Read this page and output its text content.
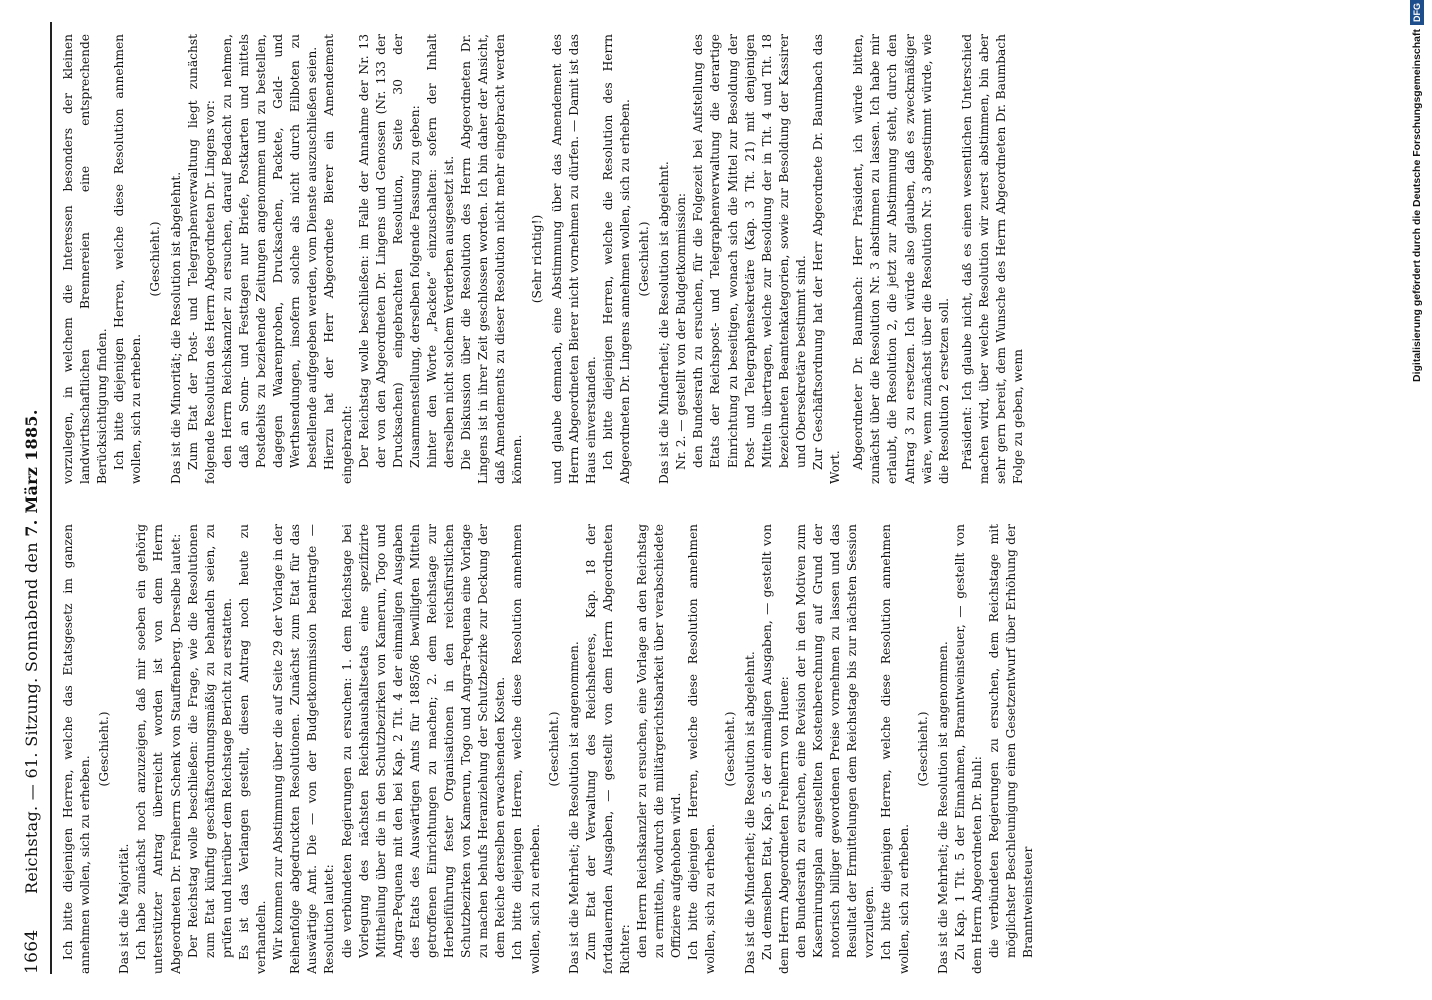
1664
Reichstag. — 61. Sitzung. Sonnabend den 7. März 1885.

Ich bitte diejenigen Herren, welche das Etatsgesetz im ganzen annehmen wollen, sich zu erheben.

(Geschieht.)

Das ist die Majorität. Ich habe zunächst noch anzuzeigen, daß mir soeben ein gehörig unterstützter Antrag überreicht worden ist von dem Herrn Abgeordneten Dr. Freiherrn Schenk von Stauffenberg. Derselbe lautet: Der Reichstag wolle beschließen: die Frage, wie die Resolutionen zum Etat künftig geschäftsordnungsmäßig zu behandeln seien, zu prüfen und hierüber dem Reichstage Bericht zu erstatten. Es ist das Verlangen gestellt, diesen Antrag noch heute zu verhandeln. Wir kommen zur Abstimmung über die auf Seite 29 der Vorlage in der Reihenfolge abgedruckten Resolutionen. Zunächst zum Etat für das Auswärtige Amt. Die — von der Budgetkommission beantragte — Resolution lautet: die verbündeten Regierungen zu ersuchen: 1. dem Reichstage bei Vorlegung des nächsten Reichshaushaltsetats eine spezifizirte Mittheilung über die in den Schutzbezirken von Kamerun, Togo und Angra-Pequena mit den bei Kap. 2 Tit. 4 der einmaligen Ausgaben des Etats des Auswärtigen Amts für 1885/86 bewilligten Mitteln getroffenen Einrichtungen zu machen; 2. dem Reichstage zur Herbeiführung fester Organisationen in den reichsfürstlichen Schutzbezirken von Kamerun, Togo und Angra-Pequena eine Vorlage zu machen behufs Heranziehung der Schutzbezirke zur Deckung der dem Reiche derselben erwachsenden Kosten. Ich bitte diejenigen Herren, welche diese Resolution annehmen wollen, sich zu erheben.

(Geschieht.) Das ist die Mehrheit; die Resolution ist angenommen. Zum Etat der Verwaltung des Reichsheeres, Kap. 18 der fortdauernden Ausgaben, — gestellt von dem Herrn Abgeordneten Richter: den Herrn Reichskanzler zu ersuchen, eine Vorlage an den Reichstag zu ermitteln, wodurch die militärgerichtsbarkeit über verabschiedete Offiziere aufgehoben wird. Ich bitte diejenigen Herren, welche diese Resolution annehmen wollen, sich zu erheben.

(Geschieht.) Das ist die Minderheit; die Resolution ist abgelehnt. Zu demselben Etat, Kap. 5 der einmaligen Ausgaben, — gestellt von dem Herrn Abgeordneten Freiherrn von Huene: den Bundesrath zu ersuchen, eine Revision der in den Motiven zum Kasernirungsplan angestellten Kostenberechnung auf Grund der notorisch billiger gewordenen Preise vornehmen zu lassen und das Resultat der Ermittelungen dem Reichstage bis zur nächsten Session vorzulegen. Ich bitte diejenigen Herren, welche diese Resolution annehmen wollen, sich zu erheben.

(Geschieht.) Das ist die Mehrheit; die Resolution ist angenommen. Zu Kap. 1 Tit. 5 der Einnahmen, Branntweinsteuer, — gestellt von dem Herrn Abgeordneten Dr. Buhl: die verbündeten Regierungen zu ersuchen, dem Reichstage mit möglichster Beschleunigung einen Gesetzentwurf über Erhöhung der Branntweinsteuer

vorzulegen, in welchem die Interessen besonders der kleinen landwirthschaftlichen Brennereien eine entsprechende Berücksichtigung finden. Ich bitte diejenigen Herren, welche diese Resolution annehmen wollen, sich zu erheben.

(Geschieht.) Das ist die Minorität; die Resolution ist abgelehnt. Zum Etat der Post- und Telegraphenverwaltung liegt zunächst folgende Resolution des Herrn Abgeordneten Dr. Lingens vor: den Herrn Reichskanzler zu ersuchen, darauf Bedacht zu nehmen, daß an Sonn- und Festtagen nur Briefe, Postkarten und mittels Postdebits zu beziehende Zeitungen angenommen und zu bestellen, dagegen Waarenproben, Drucksachen, Packete, Geld- und Werthsendungen, insofern solche als nicht durch Eilboten zu bestellende aufgegeben werden, vom Dienste auszuschließen seien. Hierzu hat der Herr Abgeordnete Bierer ein Amendement eingebracht: Der Reichstag wolle beschließen: im Falle der Annahme der Nr. 13 der von den Abgeordneten Dr. Lingens und Genossen (Nr. 133 der Drucksachen) eingebrachten Resolution, Seite 30 der Zusammenstellung, derselben folgende Fassung zu geben: hinter den Worte „Packete“ einzuschalten: sofern der Inhalt derselben nicht solchem Verderben ausgesetzt ist. Die Diskussion über die Resolution des Herrn Abgeordneten Dr. Lingens ist in ihrer Zeit geschlossen worden. Ich bin daher der Ansicht, daß Amendements zu dieser Resolution nicht mehr eingebracht werden können.

(Sehr richtig!) und glaube demnach, eine Abstimmung über das Amendement des Herrn Abgeordneten Bierer nicht vornehmen zu dürfen. — Damit ist das Haus einverstanden. Ich bitte diejenigen Herren, welche die Resolution des Herrn Abgeordneten Dr. Lingens annehmen wollen, sich zu erheben. (Geschieht.) Das ist die Minderheit; die Resolution ist abgelehnt. Nr. 2. — gestellt von der Budgetkommission: den Bundesrath zu ersuchen, für die Folgezeit bei Aufstellung des Etats der Reichspost- und Telegraphenverwaltung die derartige Einrichtung zu beseitigen, wonach sich die Mittel zur Besoldung der Post- und Telegraphensekretäre (Kap. 3 Tit. 21) mit denjenigen Mitteln übertragen, welche zur Besoldung der in Tit. 4 und Tit. 18 bezeichneten Beamtenkategorien, sowie zur Besoldung der Kassirer und Obersekretäre bestimmt sind. Zur Geschäftsordnung hat der Herr Abgeordnete Dr. Baumbach das Wort. Abgeordneter Dr. Baumbach: Herr Präsident, ich würde bitten, zunächst über die Resolution Nr. 3 abstimmen zu lassen. Ich habe mir erlaubt, die Resolution 2, die jetzt zur Abstimmung steht, durch den Antrag 3 zu ersetzen. Ich würde also glauben, daß es zweckmäßiger wäre, wenn zunächst über die Resolution Nr. 3 abgestimmt würde, wie die Resolution 2 ersetzen soll. Präsident: Ich glaube nicht, daß es einen wesentlichen Unterschied machen wird, über welche Resolution wir zuerst abstimmen, bin aber sehr gern bereit, dem Wunsche des Herrn Abgeordneten Dr. Baumbach Folge zu geben, wenn

Digitalisierung gefördert durch die Deutsche ForschungsgemeinschaftDFG
